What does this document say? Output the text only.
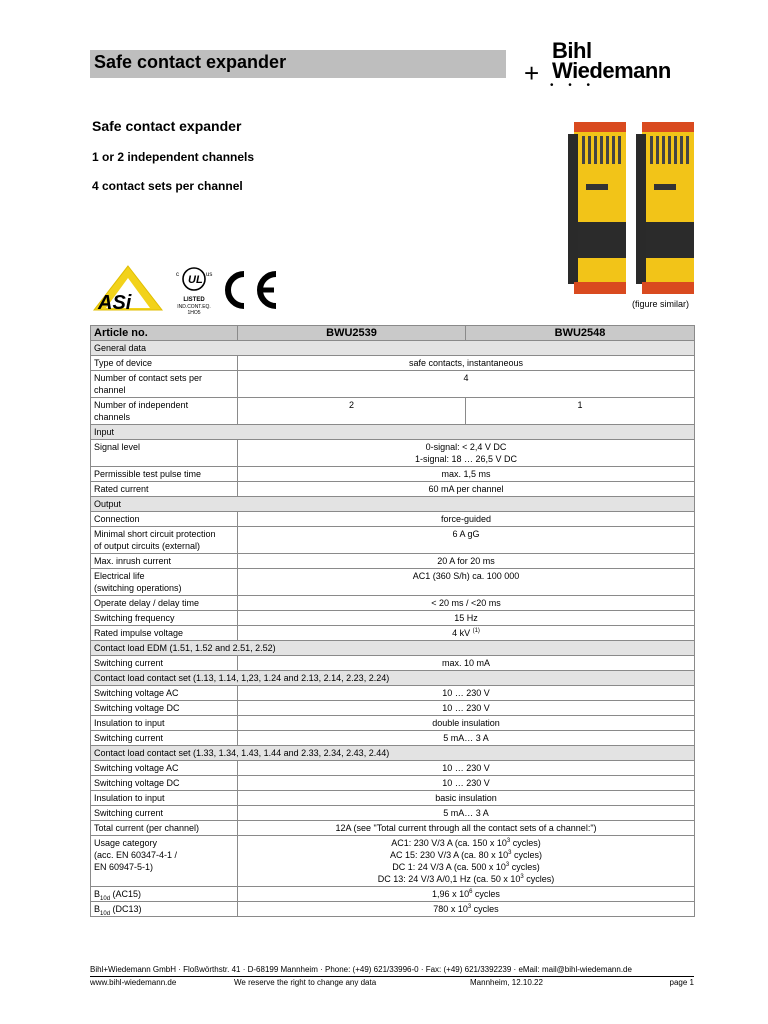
Safe contact expander	+
Bihl
Wiedemann
• • •
Safe contact expander
1 or 2 independent channels
4 contact sets per channel
(figure similar)
ASi
UL
c	us
LISTED
IND.CONT.EQ.
1HO5
Article no.	BWU2539	BWU2548
General data		
Type of device	safe contacts, instantaneous	
Number of contact sets per
channel	4	
Number of independent
channels	2	1
Input		
Signal level	0-signal: < 2,4 V DC
1-signal: 18 … 26,5 V DC	
Permissible test pulse time	max. 1,5 ms	
Rated current	60 mA per channel	
Output		
Connection	force-guided	
Minimal short circuit protection
of output circuits (external)	6 A gG	
Max. inrush current	20 A for 20 ms	
Electrical life
(switching operations)	AC1 (360 S/h) ca. 100 000	
Operate delay / delay time	< 20 ms / <20 ms	
Switching frequency	15 Hz	
Rated impulse voltage	4 kV $^{(1)}$
Contact load EDM (1.51, 1.52 and 2.51, 2.52)		
Switching current	max. 10 mA	
Contact load contact set (1.13, 1.14, 1,23, 1.24 and 2.13, 2.14, 2.23, 2.24)		
Switching voltage AC	10 … 230 V	
Switching voltage DC	10 … 230 V	
Insulation to input	double insulation	
Switching current	5 mA… 3 A	
Contact load contact set (1.33, 1.34, 1.43, 1.44 and 2.33, 2.34, 2.43, 2.44)		
Switching voltage AC	10 … 230 V	
Switching voltage DC	10 … 230 V	
Insulation to input	basic insulation	
Switching current	5 mA… 3 A	
Total current (per channel)	12A (see "Total current through all the contact sets of a channel:")	
Usage category
(acc. EN 60347-4-1 /
EN 60947-5-1)	AC1: 230 V/3 A (ca. 150 x $10^3$ cycles)
AC 15: 230 V/3 A (ca. 80 x $10^3$ cycles)
DC 1: 24 V/3 A (ca. 500 x $10^3$ cycles)
DC 13: 24 V/3 A/0,1 Hz (ca. 50 x $10^3$ cycles)	
$B_{10d}$ (AC15)	1,96 x $10^6$ cycles	
$B_{10d}$ (DC13)	780 x $10^3$ cycles	
Bihl+Wiedemann GmbH · Floßwörthstr. 41 · D-68199 Mannheim · Phone: (+49) 621/33996-0 · Fax: (+49) 621/3392239 · eMail: mail@bihl-wiedemann.de
www.bihl-wiedemann.de	We reserve the right to change any data	Mannheim, 12.10.22	page 1
